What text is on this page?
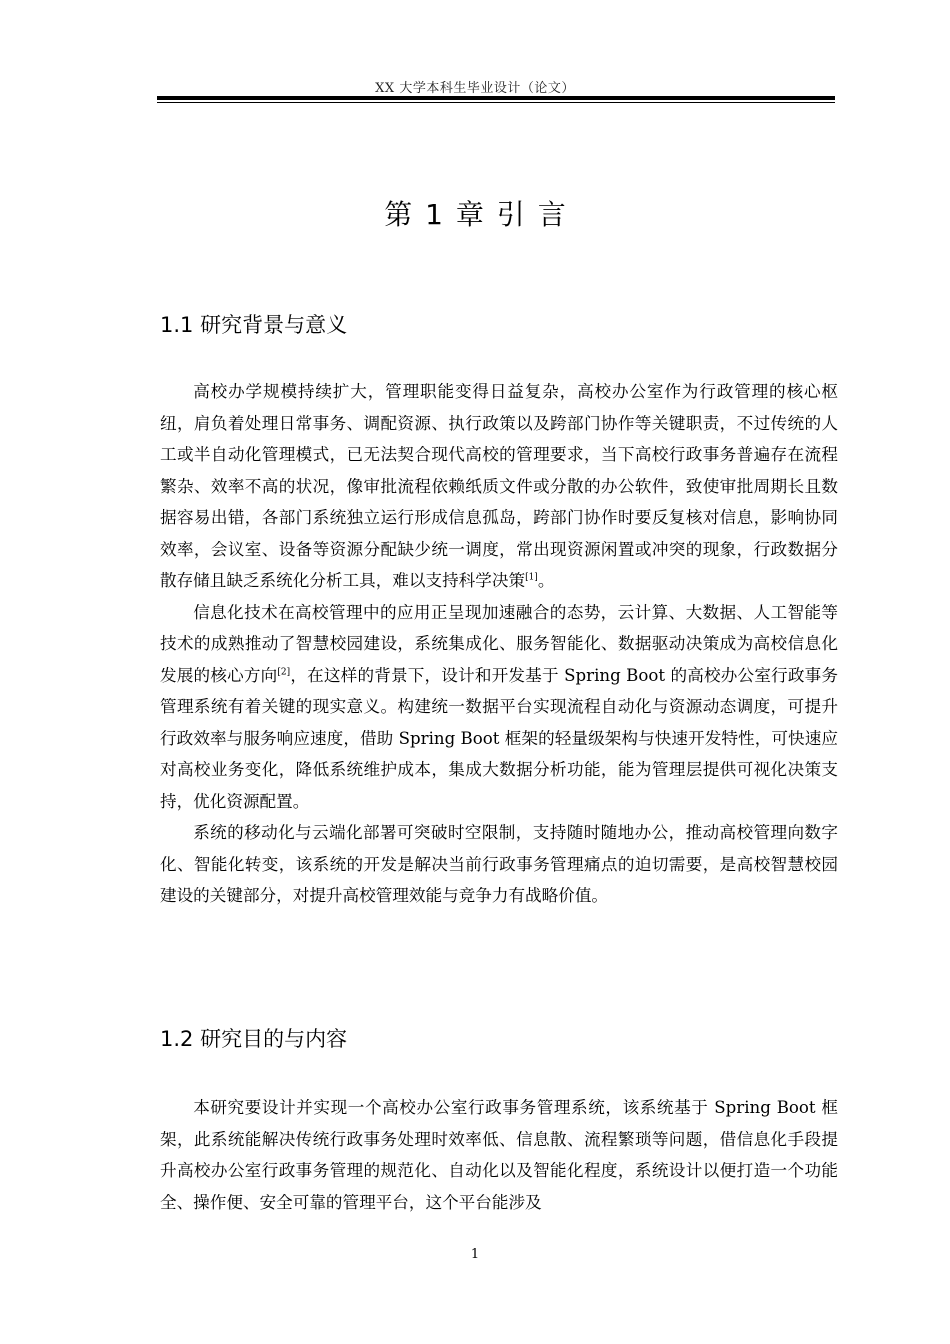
XX 大学本科生毕业设计（论文）
第 1 章 引 言
1.1 研究背景与意义

高校办学规模持续扩大，管理职能变得日益复杂，高校办公室作为行政管理的核心枢纽，肩负着处理日常事务、调配资源、执行政策以及跨部门协作等关键职责，不过传统的人工或半自动化管理模式，已无法契合现代高校的管理要求，当下高校行政事务普遍存在流程繁杂、效率不高的状况，像审批流程依赖纸质文件或分散的办公软件，致使审批周期长且数据容易出错，各部门系统独立运行形成信息孤岛，跨部门协作时要反复核对信息，影响协同效率，会议室、设备等资源分配缺少统一调度，常出现资源闲置或冲突的现象，行政数据分散存储且缺乏系统化分析工具，难以支持科学决策[1]。

信息化技术在高校管理中的应用正呈现加速融合的态势，云计算、大数据、人工智能等技术的成熟推动了智慧校园建设，系统集成化、服务智能化、数据驱动决策成为高校信息化发展的核心方向[2]，在这样的背景下，设计和开发基于 Spring Boot 的高校办公室行政事务管理系统有着关键的现实意义。构建统一数据平台实现流程自动化与资源动态调度，可提升行政效率与服务响应速度，借助 Spring Boot 框架的轻量级架构与快速开发特性，可快速应对高校业务变化，降低系统维护成本，集成大数据分析功能，能为管理层提供可视化决策支持，优化资源配置。

系统的移动化与云端化部署可突破时空限制，支持随时随地办公，推动高校管理向数字化、智能化转变，该系统的开发是解决当前行政事务管理痛点的迫切需要，是高校智慧校园建设的关键部分，对提升高校管理效能与竞争力有战略价值。

1.2 研究目的与内容

本研究要设计并实现一个高校办公室行政事务管理系统，该系统基于 Spring Boot 框架，此系统能解决传统行政事务处理时效率低、信息散、流程繁琐等问题，借信息化手段提升高校办公室行政事务管理的规范化、自动化以及智能化程度，系统设计以便打造一个功能全、操作便、安全可靠的管理平台，这个平台能涉及

1
